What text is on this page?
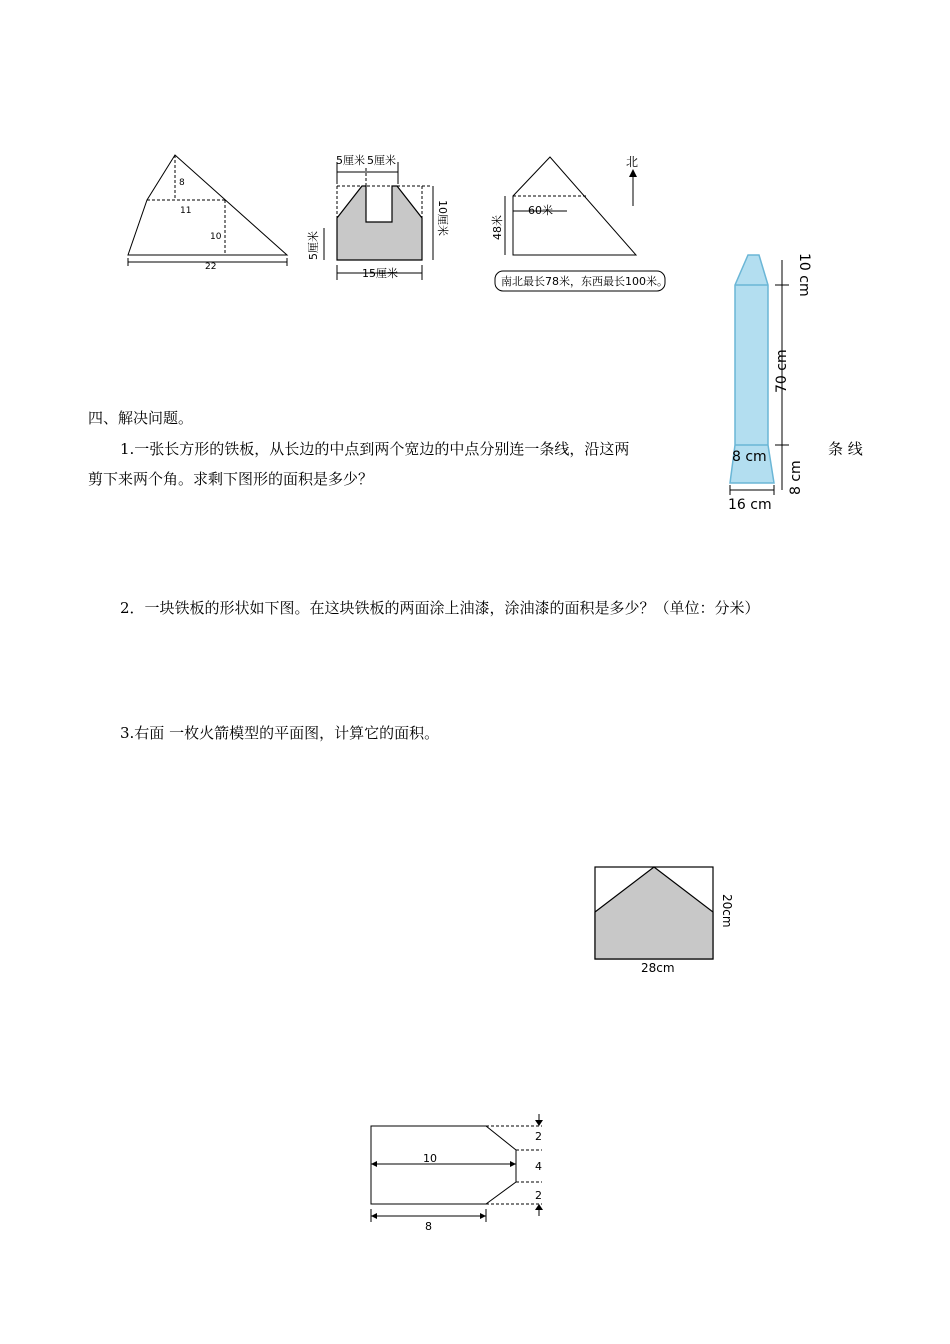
8
11
10
22
5厘米 5厘米
10厘米
5厘米
15厘米
北
60米
48米
南北最长78米，东西最长100米。	10 cm
70 cm
8 cm
8 cm
16 cm
20cm
28cm
10
8
2
4
2
四、解决问题。
1.一张长方形的铁板，从长边的中点到两个宽边的中点分别连一条线，沿这两	条 线
剪下来两个角。求剩下图形的面积是多少？
2．一块铁板的形状如下图。在这块铁板的两面涂上油漆，涂油漆的面积是多少？（单位：分米）
3.右面 一枚火箭模型的平面图，计算它的面积。
